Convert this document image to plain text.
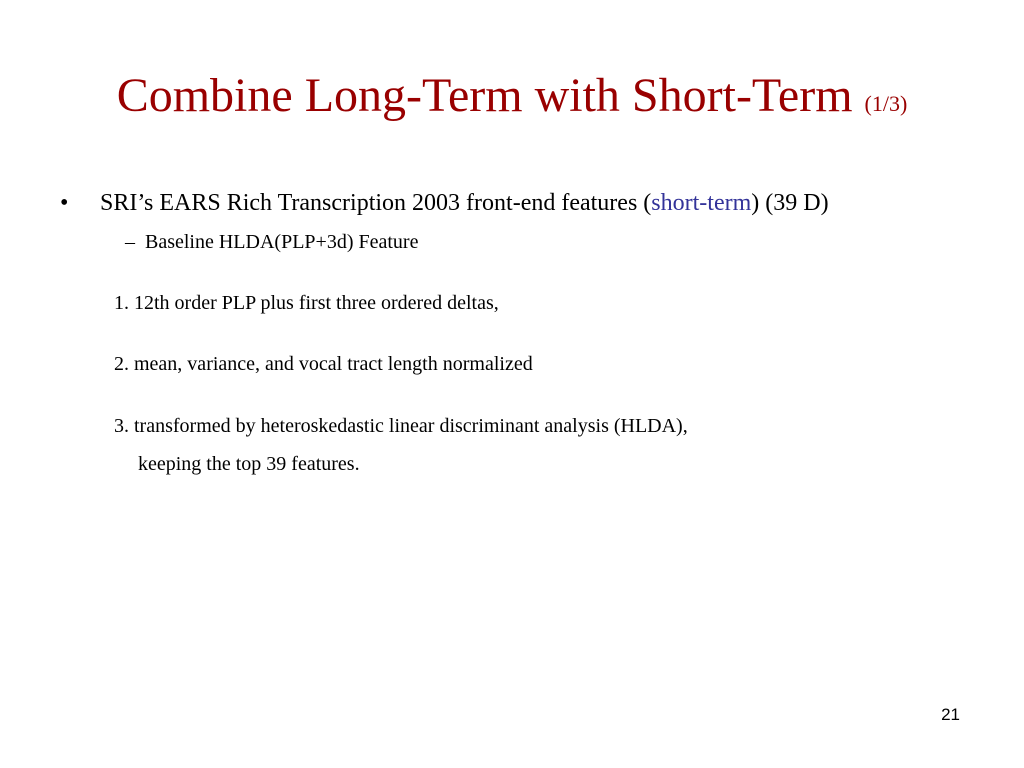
Combine Long-Term with Short-Term (1/3)
• SRI’s EARS Rich Transcription 2003 front-end features (short-term) (39 D)
– Baseline HLDA(PLP+3d) Feature
1. 12th order PLP plus first three ordered deltas,
2. mean, variance, and vocal tract length normalized
3. transformed by heteroskedastic linear discriminant analysis (HLDA),
keeping the top 39 features.
21
